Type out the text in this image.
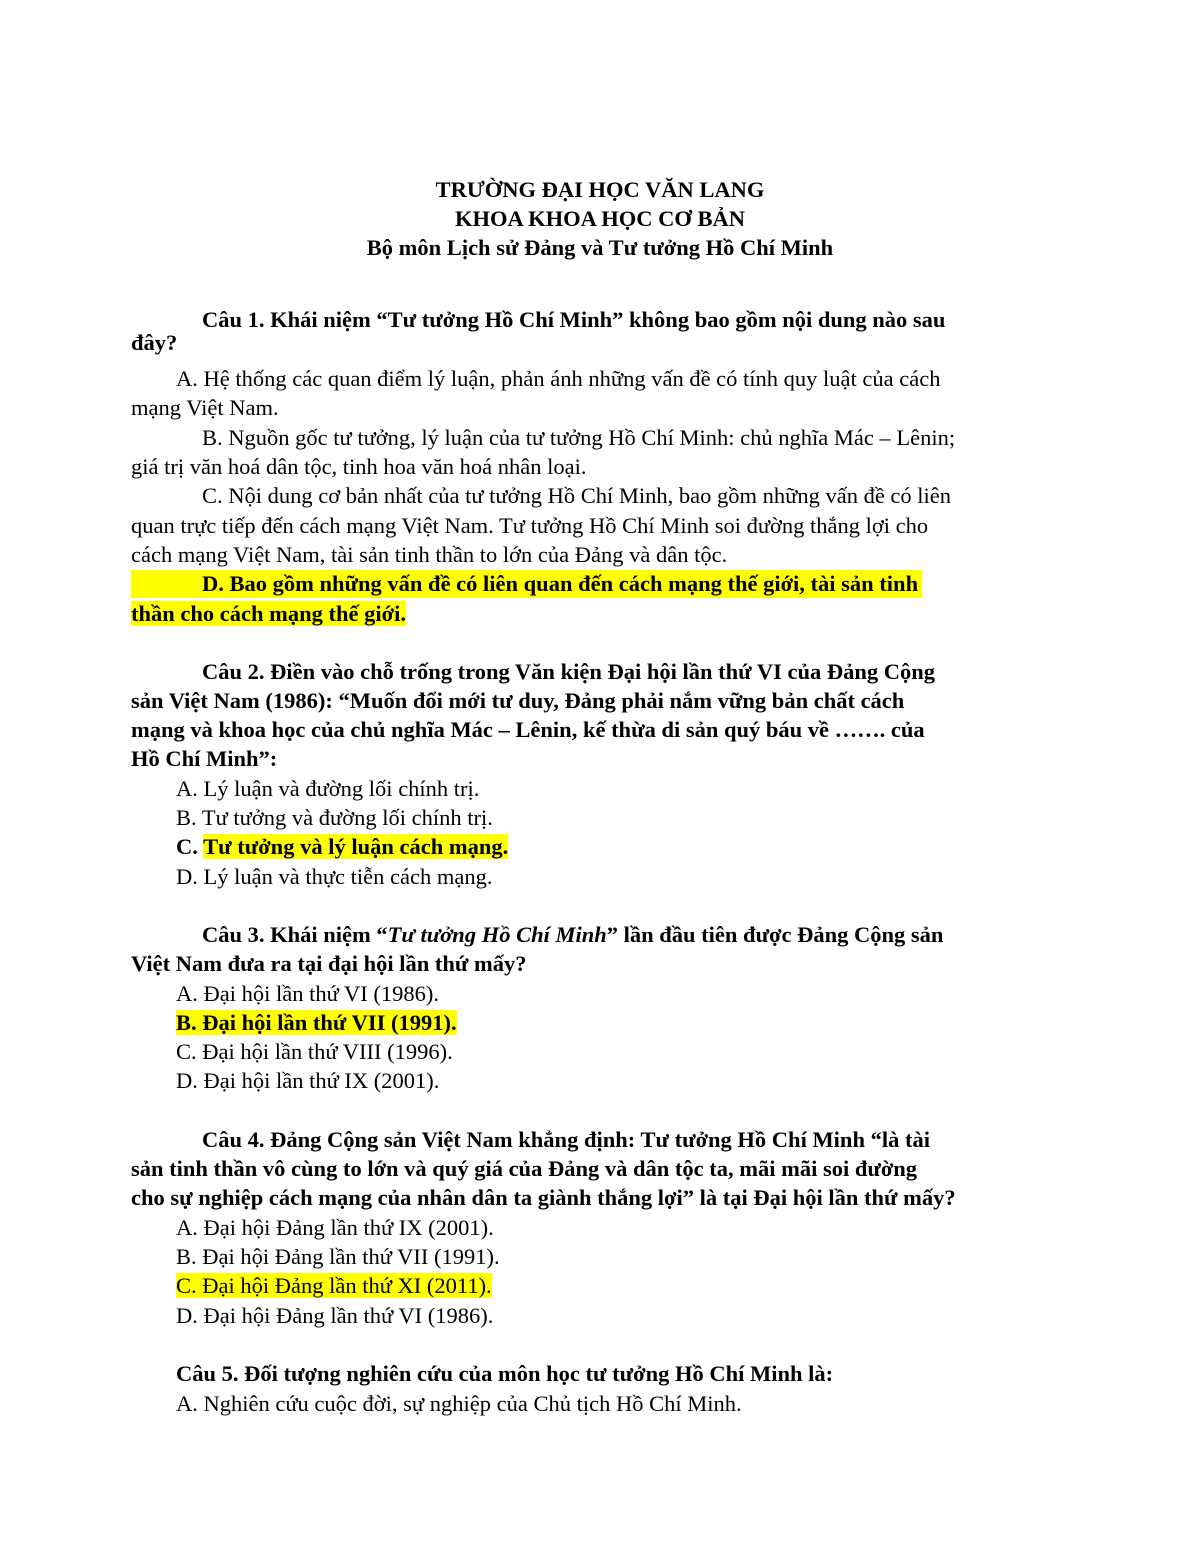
TRƯỜNG ĐẠI HỌC VĂN LANG
KHOA KHOA HỌC CƠ BẢN
Bộ môn Lịch sử Đảng và Tư tưởng Hồ Chí Minh
Câu 1. Khái niệm “Tư tưởng Hồ Chí Minh” không bao gồm nội dung nào sau
đây?
A. Hệ thống các quan điểm lý luận, phản ánh những vấn đề có tính quy luật của cách
mạng Việt Nam.
B. Nguồn gốc tư tưởng, lý luận của tư tưởng Hồ Chí Minh: chủ nghĩa Mác – Lênin;
giá trị văn hoá dân tộc, tinh hoa văn hoá nhân loại.
C. Nội dung cơ bản nhất của tư tưởng Hồ Chí Minh, bao gồm những vấn đề có liên
quan trực tiếp đến cách mạng Việt Nam. Tư tưởng Hồ Chí Minh soi đường thắng lợi cho
cách mạng Việt Nam, tài sản tinh thần to lớn của Đảng và dân tộc.
D. Bao gồm những vấn đề có liên quan đến cách mạng thế giới, tài sản tinh
thần cho cách mạng thế giới.
Câu 2. Điền vào chỗ trống trong Văn kiện Đại hội lần thứ VI của Đảng Cộng
sản Việt Nam (1986): “Muốn đổi mới tư duy, Đảng phải nắm vững bản chất cách
mạng và khoa học của chủ nghĩa Mác – Lênin, kế thừa di sản quý báu về ……. của
Hồ Chí Minh”:
A. Lý luận và đường lối chính trị.
B. Tư tưởng và đường lối chính trị.
C. Tư tưởng và lý luận cách mạng.
D. Lý luận và thực tiễn cách mạng.
Câu 3. Khái niệm “Tư tưởng Hồ Chí Minh” lần đầu tiên được Đảng Cộng sản
Việt Nam đưa ra tại đại hội lần thứ mấy?
A. Đại hội lần thứ VI (1986).
B. Đại hội lần thứ VII (1991).
C. Đại hội lần thứ VIII (1996).
D. Đại hội lần thứ IX (2001).
Câu 4. Đảng Cộng sản Việt Nam khẳng định: Tư tưởng Hồ Chí Minh “là tài
sản tinh thần vô cùng to lớn và quý giá của Đảng và dân tộc ta, mãi mãi soi đường
cho sự nghiệp cách mạng của nhân dân ta giành thắng lợi” là tại Đại hội lần thứ mấy?
A. Đại hội Đảng lần thứ IX (2001).
B. Đại hội Đảng lần thứ VII (1991).
C. Đại hội Đảng lần thứ XI (2011).
D. Đại hội Đảng lần thứ VI (1986).
Câu 5. Đối tượng nghiên cứu của môn học tư tưởng Hồ Chí Minh là:
A. Nghiên cứu cuộc đời, sự nghiệp của Chủ tịch Hồ Chí Minh.
